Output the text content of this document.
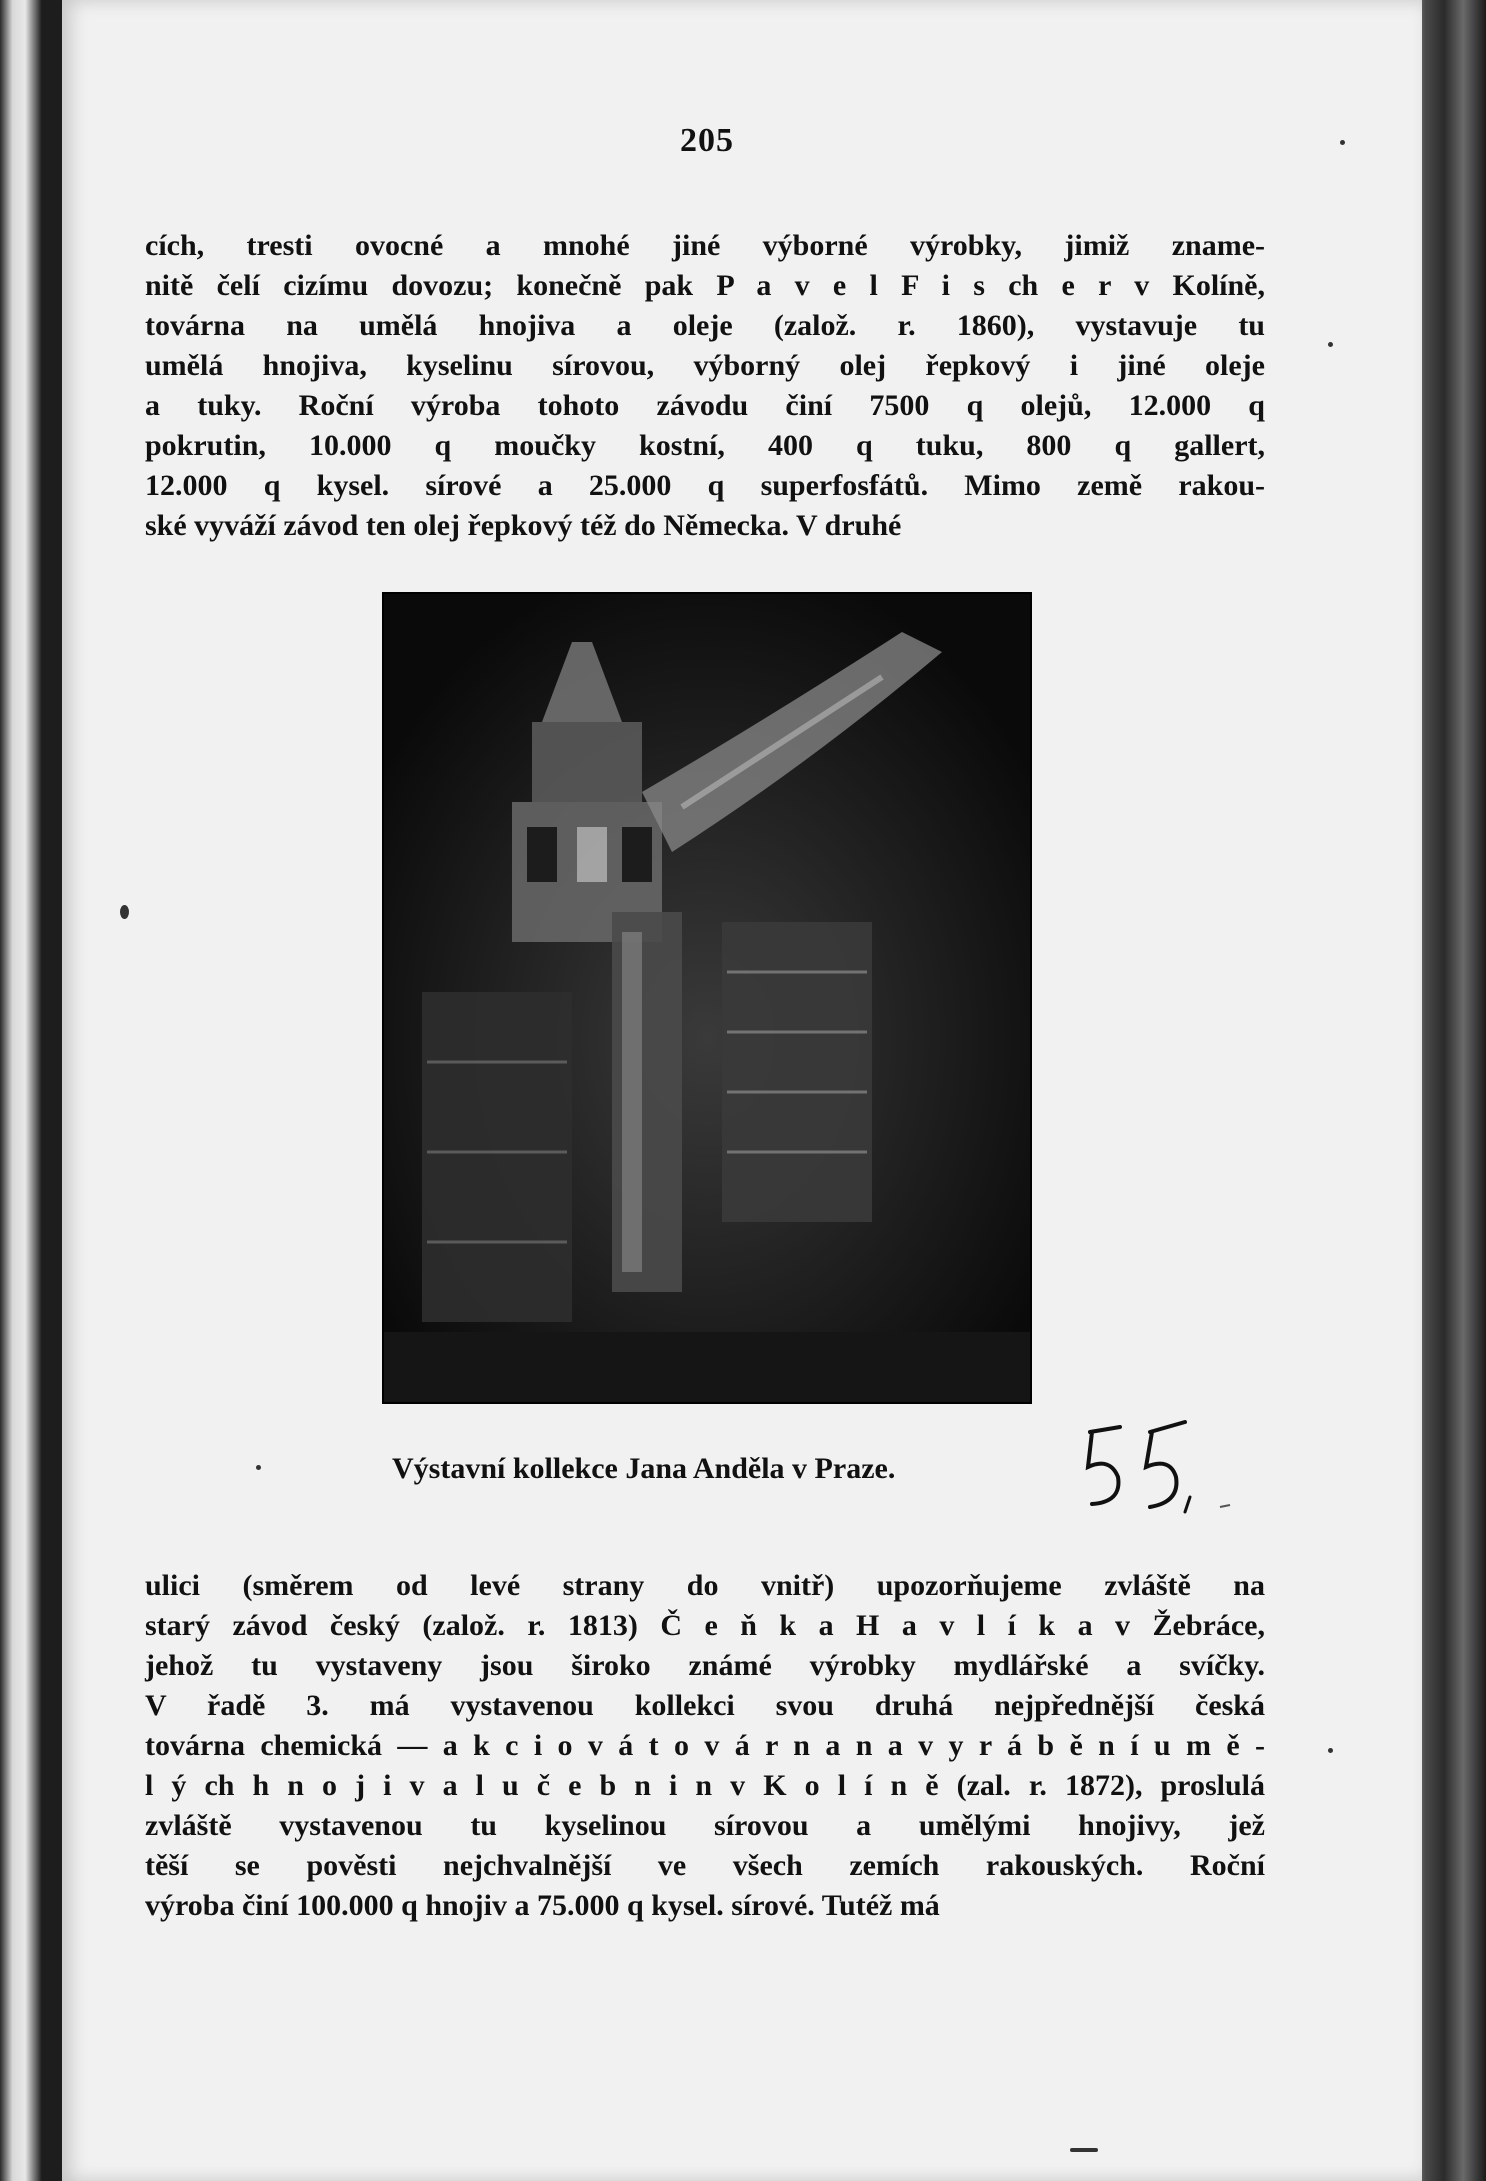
205
cích, tresti ovocné a mnohé jiné výborné výrobky, jimiž zname-
nitě čelí cizímu dovozu; konečně pak P a v e l F i s ch e r v Kolíně,
továrna na umělá hnojiva a oleje (založ. r. 1860), vystavuje tu
umělá hnojiva, kyselinu sírovou, výborný olej řepkový i jiné oleje
a tuky. Roční výroba tohoto závodu činí 7500 q olejů, 12.000 q
pokrutin, 10.000 q moučky kostní, 400 q tuku, 800 q gallert,
12.000 q kysel. sírové a 25.000 q superfosfátů. Mimo země rakou-
ské vyváží závod ten olej řepkový též do Německa. V druhé
Výstavní kollekce Jana Anděla v Praze.
ulici (směrem od levé strany do vnitř) upozorňujeme zvláště na
starý závod český (založ. r. 1813) Č e ň k a H a v l í k a v Žebráce,
jehož tu vystaveny jsou široko známé výrobky mydlářské a svíčky.
V řadě 3. má vystavenou kollekci svou druhá nejpřednější česká
továrna chemická — a k c i o v á t o v á r n a n a v y r á b ě n í u m ě -
l ý ch h n o j i v a l u č e b n i n v K o l í n ě (zal. r. 1872), proslulá
zvláště vystavenou tu kyselinou sírovou a umělými hnojivy, jež
těší se pověsti nejchvalnější ve všech zemích rakouských. Roční
výroba činí 100.000 q hnojiv a 75.000 q kysel. sírové. Tutéž má
